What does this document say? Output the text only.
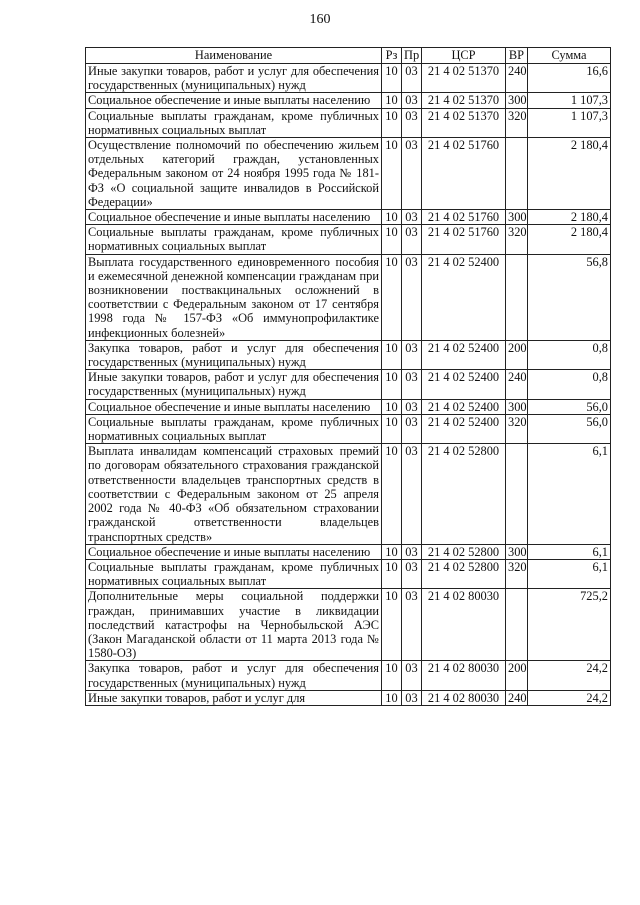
160
Наименование	Рз	Пр	ЦСР	ВР	Сумма
Иные закупки товаров, работ и услуг для обеспечения государственных (муниципальных) нужд	10	03	21 4 02 51370	240	16,6
Социальное обеспечение и иные выплаты населению	10	03	21 4 02 51370	300	1 107,3
Социальные выплаты гражданам, кроме публичных нормативных социальных выплат	10	03	21 4 02 51370	320	1 107,3
Осуществление полномочий по обеспечению жильем отдельных категорий граждан, установленных Федеральным законом от 24 ноября 1995 года № 181-ФЗ «О социальной защите инвалидов в Российской Федерации»	10	03	21 4 02 51760		2 180,4
Социальное обеспечение и иные выплаты населению	10	03	21 4 02 51760	300	2 180,4
Социальные выплаты гражданам, кроме публичных нормативных социальных выплат	10	03	21 4 02 51760	320	2 180,4
Выплата государственного единовременного пособия и ежемесячной денежной компенсации гражданам при возникновении поствакцинальных осложнений в соответствии с Федеральным законом от 17 сентября 1998 года № 157-ФЗ «Об иммунопрофилактике инфекционных болезней»	10	03	21 4 02 52400		56,8
Закупка товаров, работ и услуг для обеспечения государственных (муниципальных) нужд	10	03	21 4 02 52400	200	0,8
Иные закупки товаров, работ и услуг для обеспечения государственных (муниципальных) нужд	10	03	21 4 02 52400	240	0,8
Социальное обеспечение и иные выплаты населению	10	03	21 4 02 52400	300	56,0
Социальные выплаты гражданам, кроме публичных нормативных социальных выплат	10	03	21 4 02 52400	320	56,0
Выплата инвалидам компенсаций страховых премий по договорам обязательного страхования гражданской ответственности владельцев транспортных средств в соответствии с Федеральным законом от 25 апреля 2002 года № 40-ФЗ «Об обязательном страховании гражданской ответственности владельцев транспортных средств»	10	03	21 4 02 52800		6,1
Социальное обеспечение и иные выплаты населению	10	03	21 4 02 52800	300	6,1
Социальные выплаты гражданам, кроме публичных нормативных социальных выплат	10	03	21 4 02 52800	320	6,1
Дополнительные меры социальной поддержки граждан, принимавших участие в ликвидации последствий катастрофы на Чернобыльской АЭС (Закон Магаданской области от 11 марта 2013 года № 1580-ОЗ)	10	03	21 4 02 80030		725,2
Закупка товаров, работ и услуг для обеспечения государственных (муниципальных) нужд	10	03	21 4 02 80030	200	24,2
Иные закупки товаров, работ и услуг для	10	03	21 4 02 80030	240	24,2
